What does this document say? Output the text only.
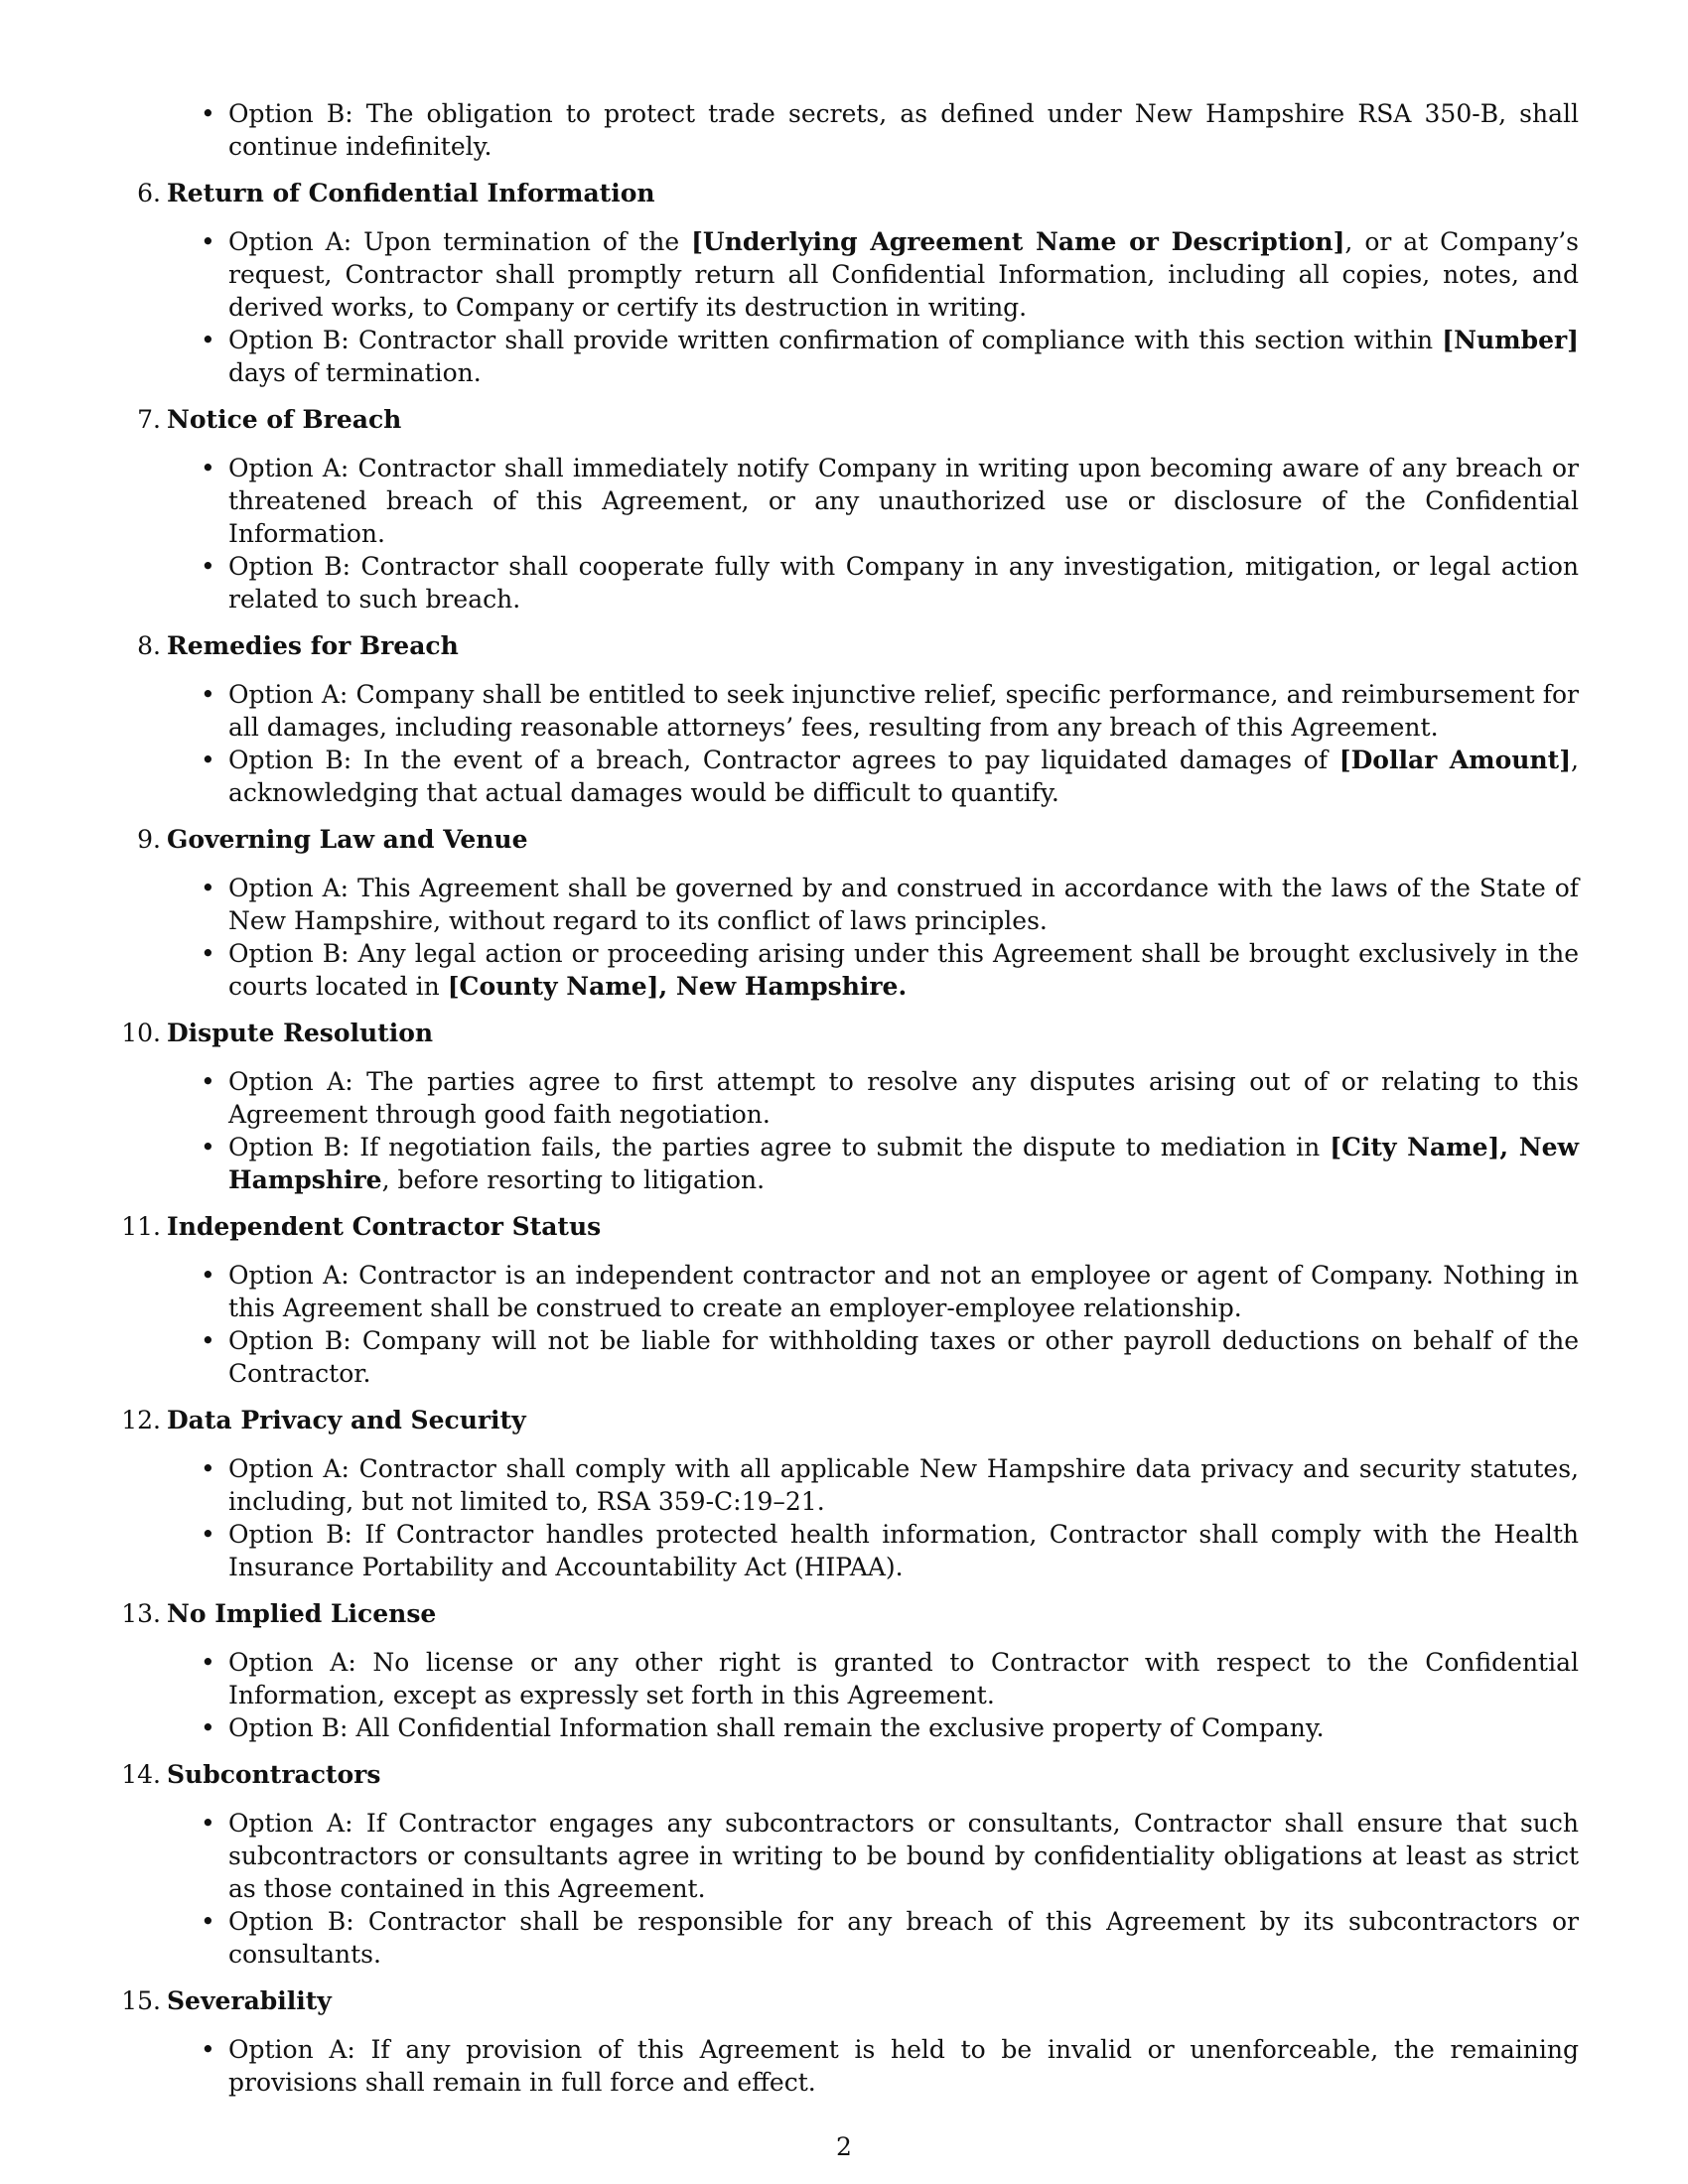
• Option B: The obligation to protect trade secrets, as defined under New Hampshire RSA 350-B, shall continue indefinitely.
6. Return of Confidential Information
• Option A: Upon termination of the [Underlying Agreement Name or Description], or at Company’s request, Contractor shall promptly return all Confidential Information, including all copies, notes, and derived works, to Company or certify its destruction in writing.
• Option B: Contractor shall provide written confirmation of compliance with this section within [Number] days of termination.
7. Notice of Breach
• Option A: Contractor shall immediately notify Company in writing upon becoming aware of any breach or threatened breach of this Agreement, or any unauthorized use or disclosure of the Confidential Information.
• Option B: Contractor shall cooperate fully with Company in any investigation, mitigation, or legal action related to such breach.
8. Remedies for Breach
• Option A: Company shall be entitled to seek injunctive relief, specific performance, and reimbursement for all damages, including reasonable attorneys’ fees, resulting from any breach of this Agreement.
• Option B: In the event of a breach, Contractor agrees to pay liquidated damages of [Dollar Amount], acknowledging that actual damages would be difficult to quantify.
9. Governing Law and Venue
• Option A: This Agreement shall be governed by and construed in accordance with the laws of the State of New Hampshire, without regard to its conflict of laws principles.
• Option B: Any legal action or proceeding arising under this Agreement shall be brought exclusively in the courts located in [County Name], New Hampshire.
10. Dispute Resolution
• Option A: The parties agree to first attempt to resolve any disputes arising out of or relating to this Agreement through good faith negotiation.
• Option B: If negotiation fails, the parties agree to submit the dispute to mediation in [City Name], New Hampshire, before resorting to litigation.
11. Independent Contractor Status
• Option A: Contractor is an independent contractor and not an employee or agent of Company. Nothing in this Agreement shall be construed to create an employer-employee relationship.
• Option B: Company will not be liable for withholding taxes or other payroll deductions on behalf of the Contractor.
12. Data Privacy and Security
• Option A: Contractor shall comply with all applicable New Hampshire data privacy and security statutes, including, but not limited to, RSA 359-C:19–21.
• Option B: If Contractor handles protected health information, Contractor shall comply with the Health Insurance Portability and Accountability Act (HIPAA).
13. No Implied License
• Option A: No license or any other right is granted to Contractor with respect to the Confidential Information, except as expressly set forth in this Agreement.
• Option B: All Confidential Information shall remain the exclusive property of Company.
14. Subcontractors
• Option A: If Contractor engages any subcontractors or consultants, Contractor shall ensure that such subcontractors or consultants agree in writing to be bound by confidentiality obligations at least as strict as those contained in this Agreement.
• Option B: Contractor shall be responsible for any breach of this Agreement by its subcontractors or consultants.
15. Severability
• Option A: If any provision of this Agreement is held to be invalid or unenforceable, the remaining provisions shall remain in full force and effect.
2
